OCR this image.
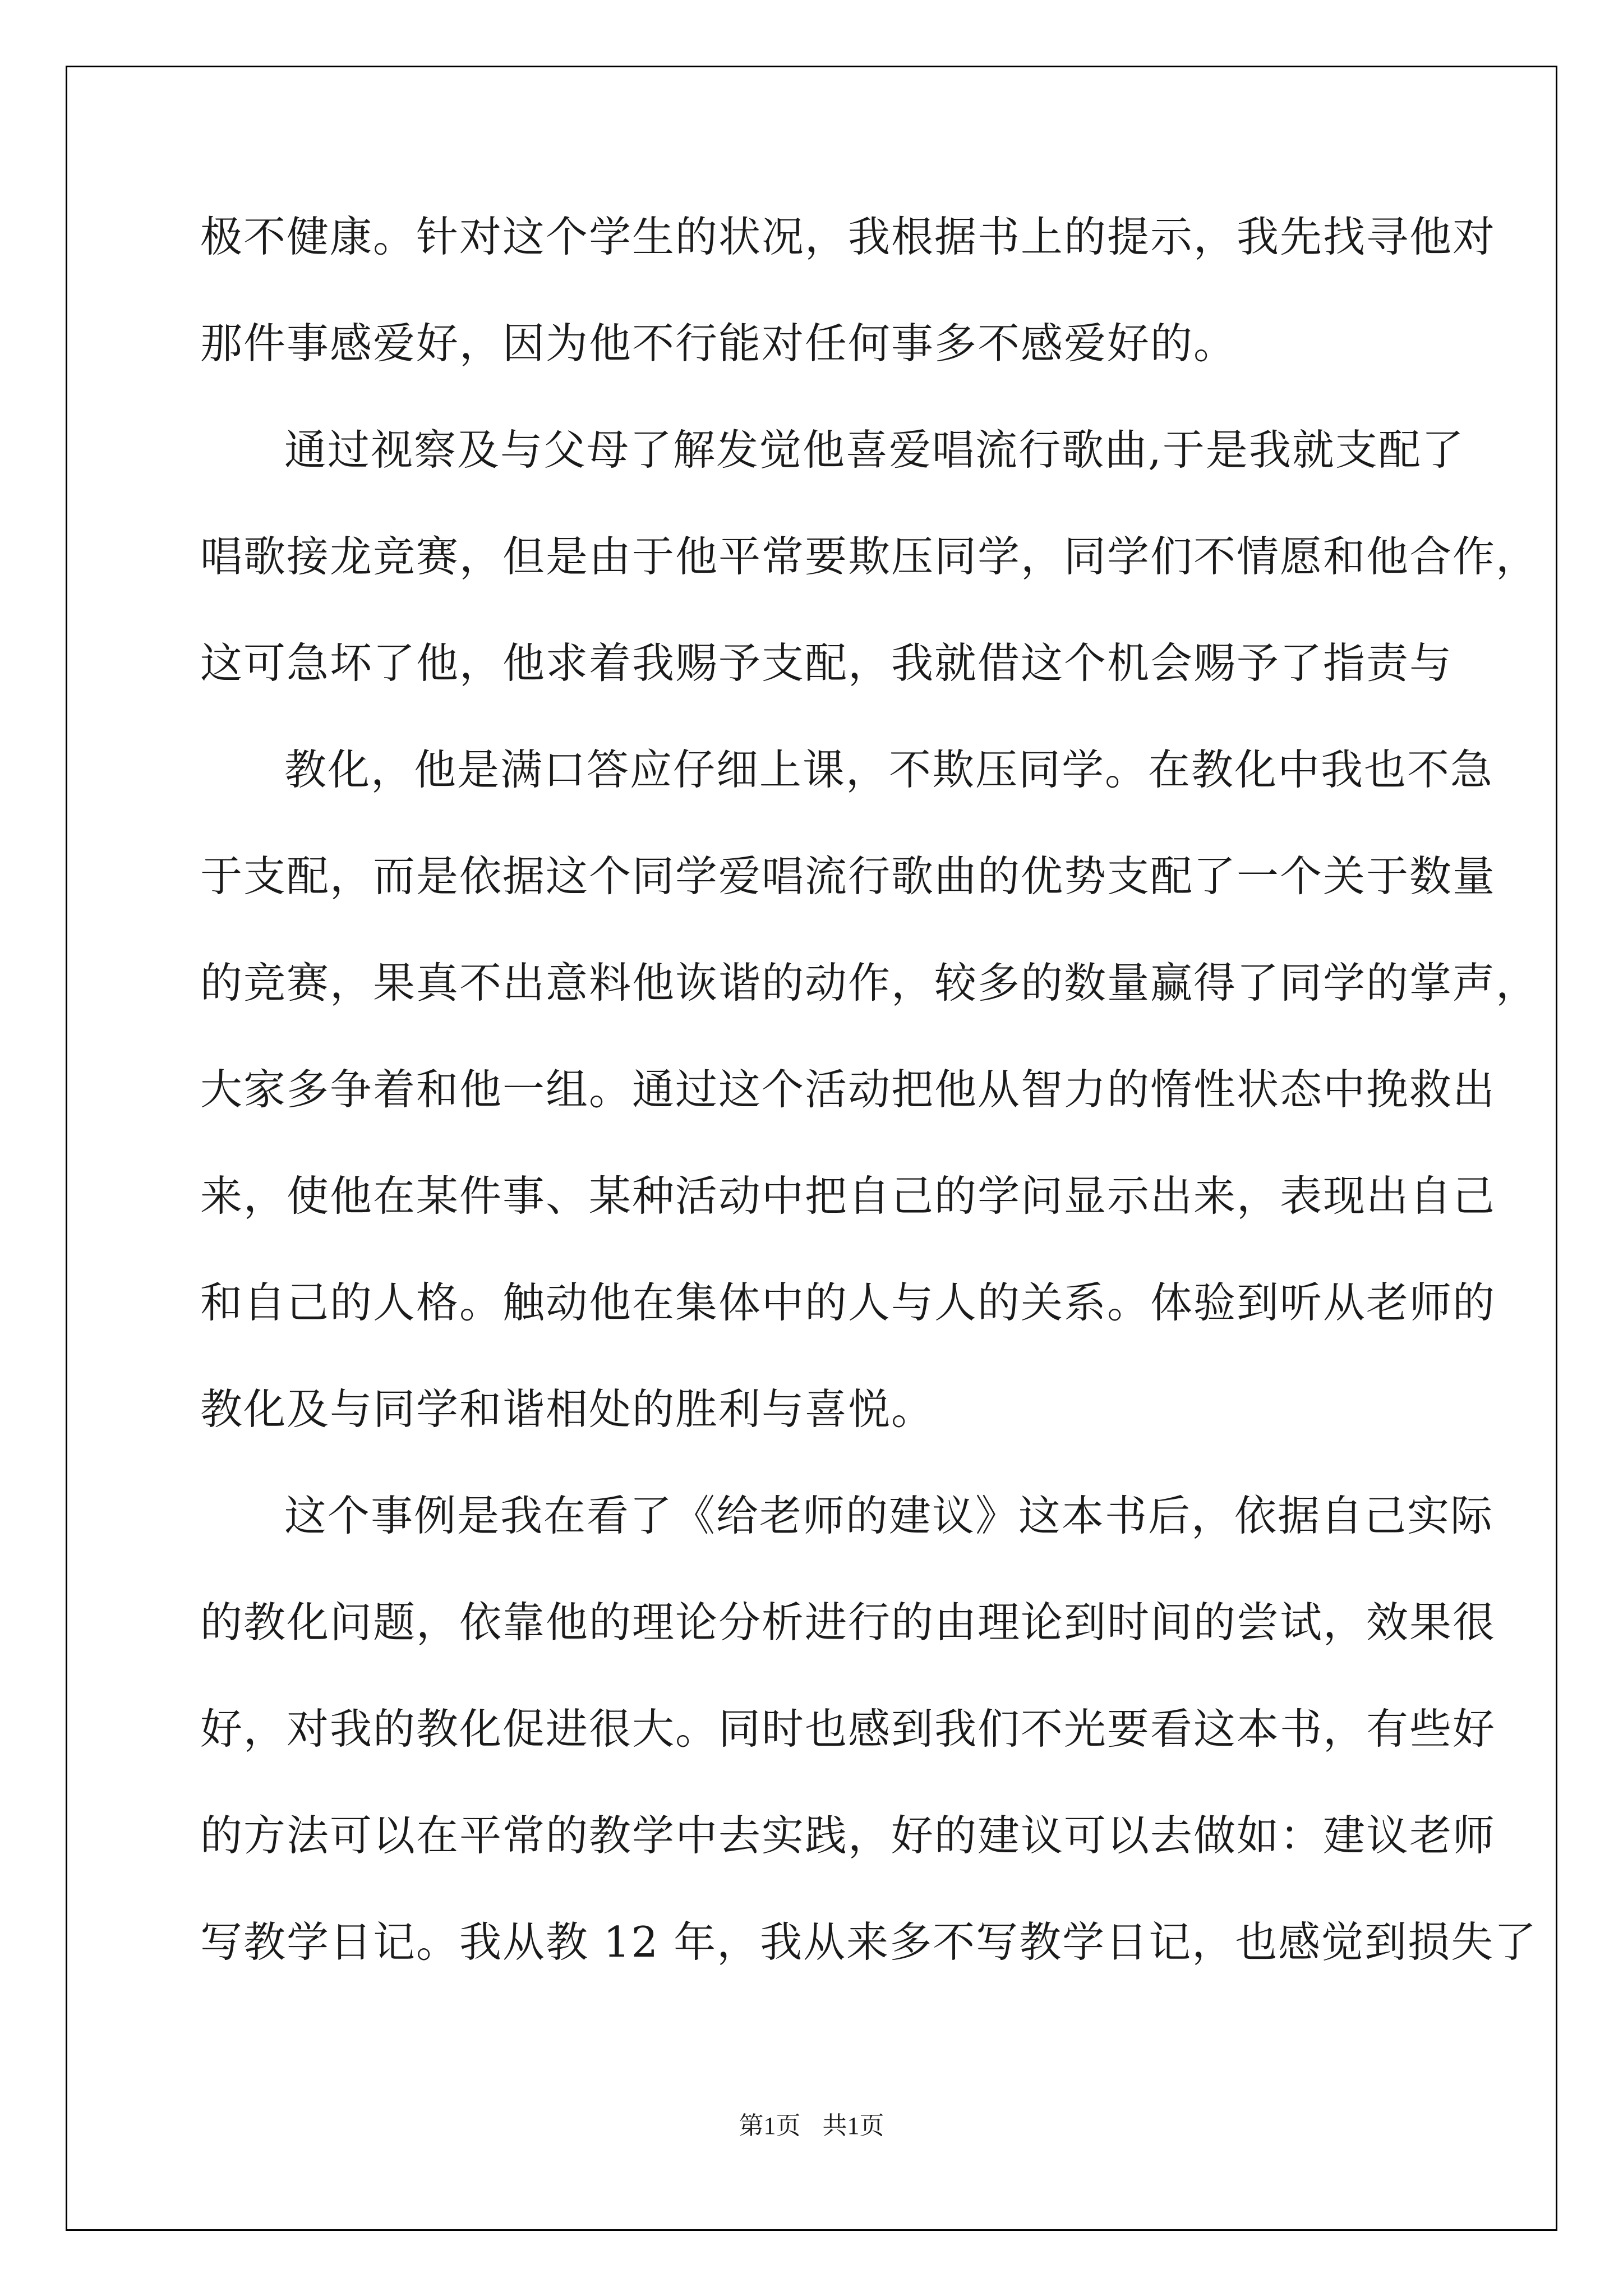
极不健康。针对这个学生的状况，我根据书上的提示，我先找寻他对
那件事感爱好，因为他不行能对任何事多不感爱好的。
通过视察及与父母了解发觉他喜爱唱流行歌曲,于是我就支配了
唱歌接龙竞赛，但是由于他平常要欺压同学，同学们不情愿和他合作，
这可急坏了他，他求着我赐予支配，我就借这个机会赐予了指责与
教化，他是满口答应仔细上课，不欺压同学。在教化中我也不急
于支配，而是依据这个同学爱唱流行歌曲的优势支配了一个关于数量
的竞赛，果真不出意料他诙谐的动作，较多的数量赢得了同学的掌声，
大家多争着和他一组。通过这个活动把他从智力的惰性状态中挽救出
来，使他在某件事、某种活动中把自己的学问显示出来，表现出自己
和自己的人格。触动他在集体中的人与人的关系。体验到听从老师的
教化及与同学和谐相处的胜利与喜悦。
这个事例是我在看了《给老师的建议》这本书后，依据自己实际
的教化问题，依靠他的理论分析进行的由理论到时间的尝试，效果很
好，对我的教化促进很大。同时也感到我们不光要看这本书，有些好
的方法可以在平常的教学中去实践，好的建议可以去做如：建议老师
写教学日记。我从教 12 年，我从来多不写教学日记，也感觉到损失了
第1页 共1页
